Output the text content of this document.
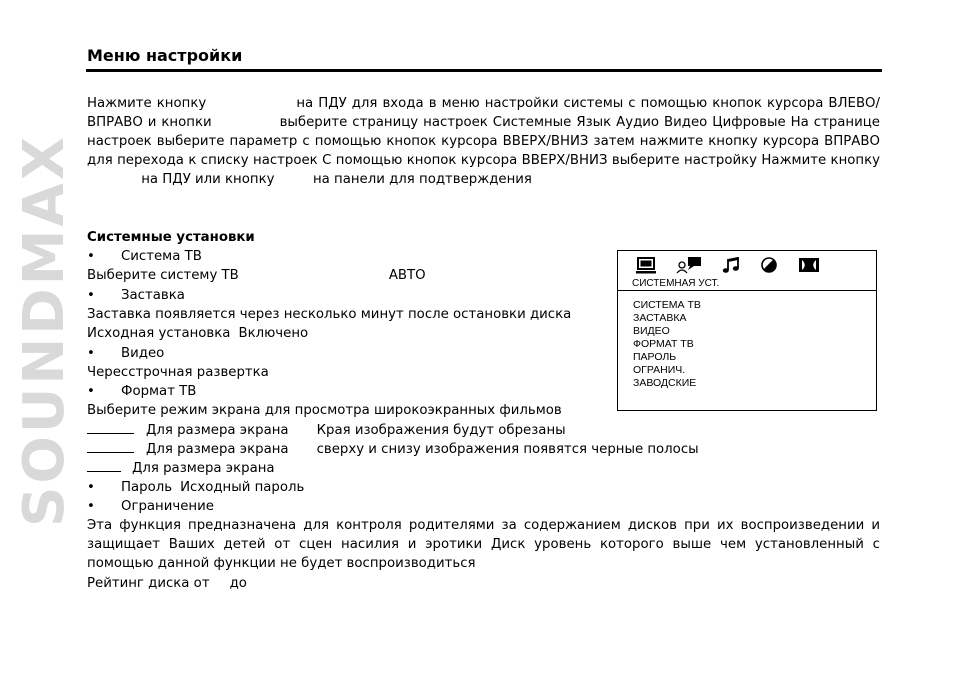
SOUNDMAX
Меню настройки
Нажмите кнопку	на ПДУ для входа в меню настройки системы с помощью кнопок курсора ВЛЕВО/ВПРАВО и кнопки	выберите страницу настроек Системные Язык Аудио Видео Цифровые На странице настроек выберите параметр с помощью кнопок курсора ВВЕРХ/ВНИЗ затем нажмите кнопку курсора ВПРАВО для перехода к списку настроек С помощью кнопок курсора ВВЕРХ/ВНИЗ выберите настройку Нажмите кнопку  на ПДУ или кнопку	на панели для подтверждения
Системные установки
• Система ТВ
Выберите систему ТВ	АВТО
• Заставка
Заставка появляется через несколько минут после остановки диска
Исходная установка Включено
• Видео
Чересстрочная развертка
• Формат ТВ
Выберите режим экрана для просмотра широкоэкранных фильмов
Для размера экрана Края изображения будут обрезаны
Для размера экрана сверху и снизу изображения появятся черные полосы
Для размера экрана
• Пароль Исходный пароль
• Ограничение
Эта функция предназначена для контроля родителями за содержанием дисков при их воспроизведении и защищает Ваших детей от сцен насилия и эротики Диск уровень которого выше чем установленный с помощью данной функции не будет воспроизводиться
Рейтинг диска от до
СИСТЕМНАЯ УСТ.
СИСТЕМА ТВ
ЗАСТАВКА
ВИДЕО
ФОРМАТ ТВ
ПАРОЛЬ
ОГРАНИЧ.
ЗАВОДСКИЕ
